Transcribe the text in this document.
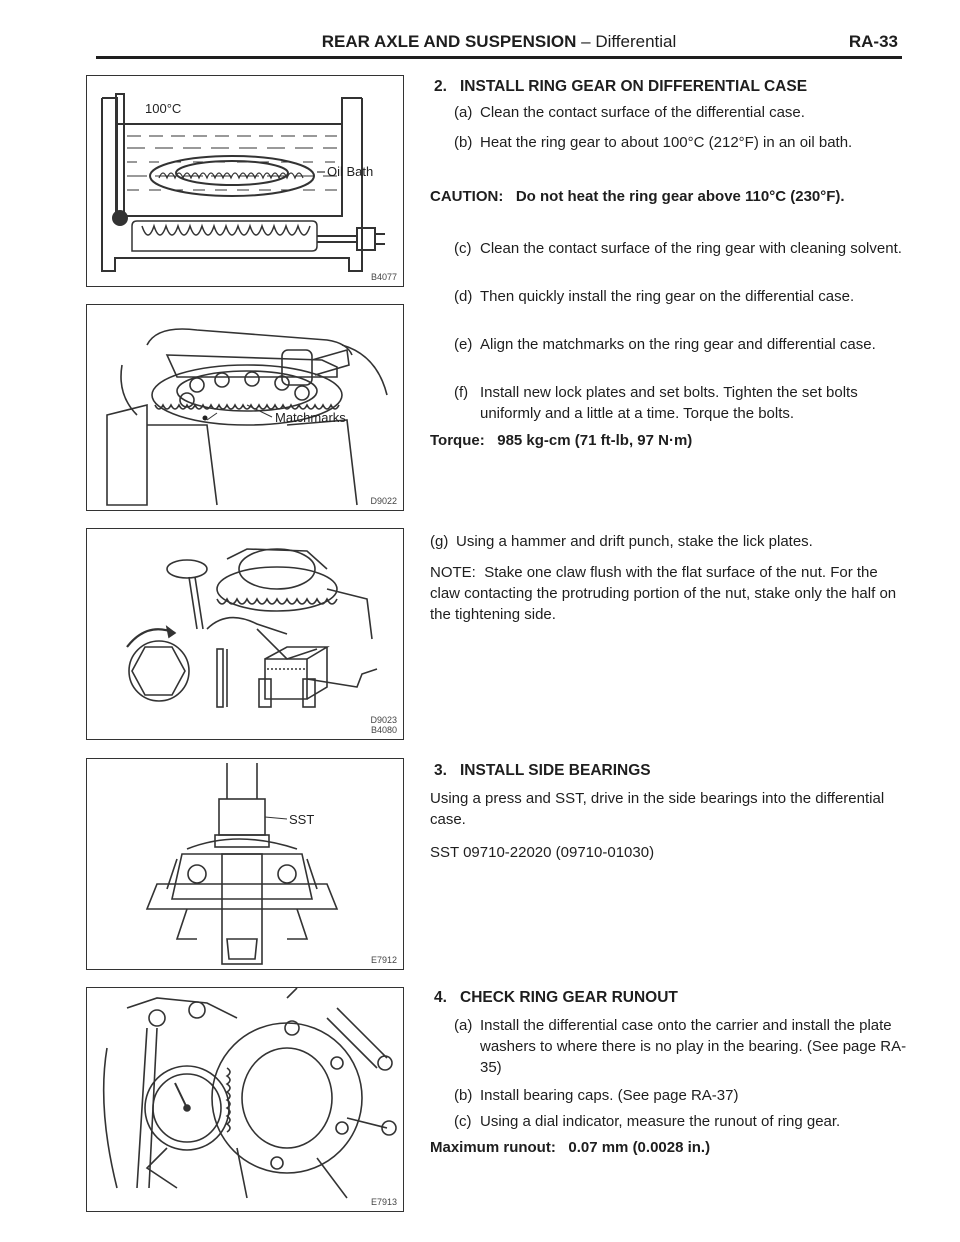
REAR AXLE AND SUSPENSION – Differential	RA-33
100°C
Oil Bath
B4077
Matchmarks
D9022
D9023
B4080
SST
E7912
E7913
2. INSTALL RING GEAR ON DIFFERENTIAL CASE
(a) Clean the contact surface of the differential case.
(b) Heat the ring gear to about 100°C (212°F) in an oil bath.
CAUTION: Do not heat the ring gear above 110°C (230°F).
(c) Clean the contact surface of the ring gear with cleaning solvent.
(d) Then quickly install the ring gear on the differential case.
(e) Align the matchmarks on the ring gear and differential case.
(f) Install new lock plates and set bolts. Tighten the set bolts uniformly and a little at a time. Torque the bolts.
Torque: 985 kg-cm (71 ft-lb, 97 N·m)
(g) Using a hammer and drift punch, stake the lick plates.
NOTE: Stake one claw flush with the flat surface of the nut. For the claw contacting the protruding portion of the nut, stake only the half on the tightening side.
3. INSTALL SIDE BEARINGS
Using a press and SST, drive in the side bearings into the differential case.
SST 09710-22020 (09710-01030)
4. CHECK RING GEAR RUNOUT
(a) Install the differential case onto the carrier and install the plate washers to where there is no play in the bearing. (See page RA-35)
(b) Install bearing caps. (See page RA-37)
(c) Using a dial indicator, measure the runout of ring gear.
Maximum runout: 0.07 mm (0.0028 in.)
